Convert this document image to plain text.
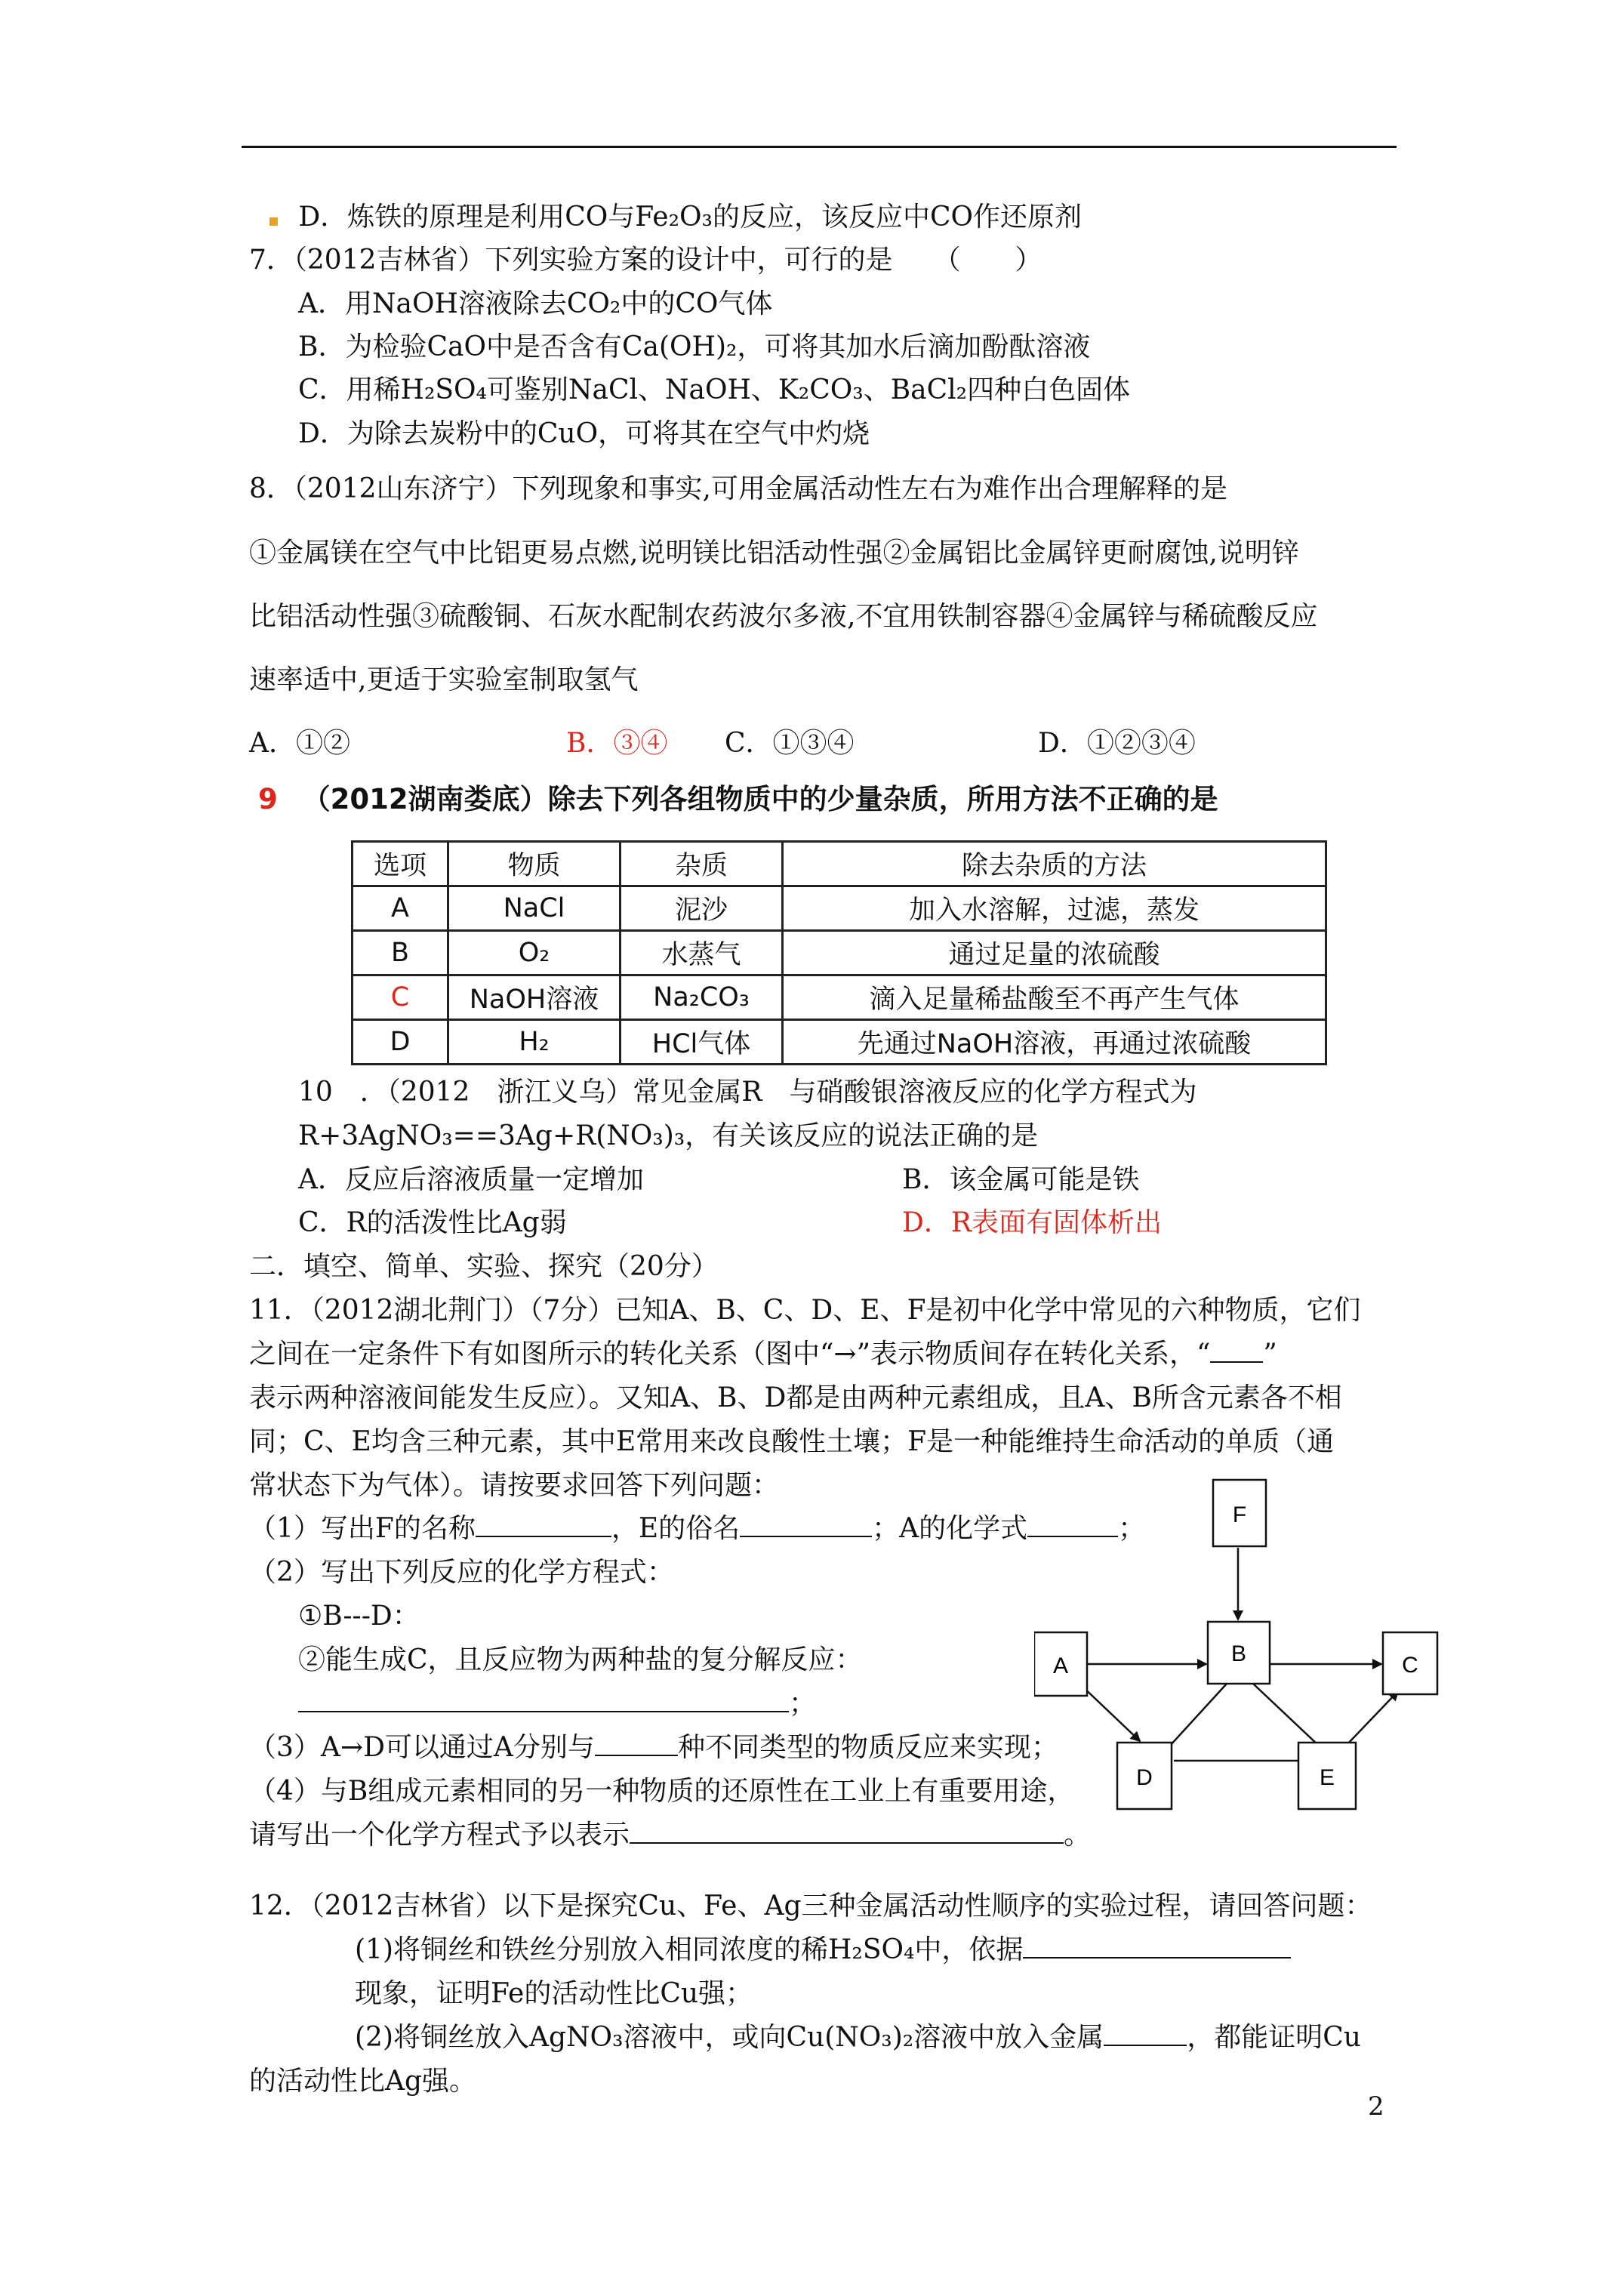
▪ D．炼铁的原理是利用CO与Fe₂O₃的反应，该反应中CO作还原剂
7．（2012吉林省）下列实验方案的设计中，可行的是　　（　　）
A．用NaOH溶液除去CO₂中的CO气体
B．为检验CaO中是否含有Ca(OH)₂，可将其加水后滴加酚酞溶液
C．用稀H₂SO₄可鉴别NaCl、NaOH、K₂CO₃、BaCl₂四种白色固体
D．为除去炭粉中的CuO，可将其在空气中灼烧
8．（2012山东济宁）下列现象和事实,可用金属活动性左右为难作出合理解释的是
①金属镁在空气中比铝更易点燃,说明镁比铝活动性强②金属铝比金属锌更耐腐蚀,说明锌
比铝活动性强③硫酸铜、石灰水配制农药波尔多液,不宜用铁制容器④金属锌与稀硫酸反应
速率适中,更适于实验室制取氢气
A．①②	B．③④ C．①③④	D．①②③④
9 （2012湖南娄底）除去下列各组物质中的少量杂质，所用方法不正确的是
选项	物质	杂质	除去杂质的方法
A	NaCl	泥沙	加入水溶解，过滤，蒸发
B	O₂	水蒸气	通过足量的浓硫酸
C	NaOH溶液	Na₂CO₃	滴入足量稀盐酸至不再产生气体
D	H₂	HCl气体	先通过NaOH溶液，再通过浓硫酸
10　．（2012　浙江义乌）常见金属R　与硝酸银溶液反应的化学方程式为
R+3AgNO₃==3Ag+R(NO₃)₃，有关该反应的说法正确的是
A．反应后溶液质量一定增加	B．该金属可能是铁
C．R的活泼性比Ag弱	D．R表面有固体析出
二．填空、简单、实验、探究（20分）
11．（2012湖北荆门）（7分）已知A、B、C、D、E、F是初中化学中常见的六种物质，它们
之间在一定条件下有如图所示的转化关系（图中“→”表示物质间存在转化关系，“ ”
表示两种溶液间能发生反应）。又知A、B、D都是由两种元素组成，且A、B所含元素各不相
同；C、E均含三种元素，其中E常用来改良酸性土壤；F是一种能维持生命活动的单质（通
常状态下为气体）。请按要求回答下列问题：
（1）写出F的名称	，E的俗名	；A的化学式	；
（2）写出下列反应的化学方程式：
①B---D：
②能生成C，且反应物为两种盐的复分解反应：
；
（3）A→D可以通过A分别与	种不同类型的物质反应来实现；
（4）与B组成元素相同的另一种物质的还原性在工业上有重要用途，
请写出一个化学方程式予以表示	。
F
A	B	C
D	E
12．（2012吉林省）以下是探究Cu、Fe、Ag三种金属活动性顺序的实验过程，请回答问题：
(1)将铜丝和铁丝分别放入相同浓度的稀H₂SO₄中，依据
现象，证明Fe的活动性比Cu强；
(2)将铜丝放入AgNO₃溶液中，或向Cu(NO₃)₂溶液中放入金属	，都能证明Cu
的活动性比Ag强。
2
